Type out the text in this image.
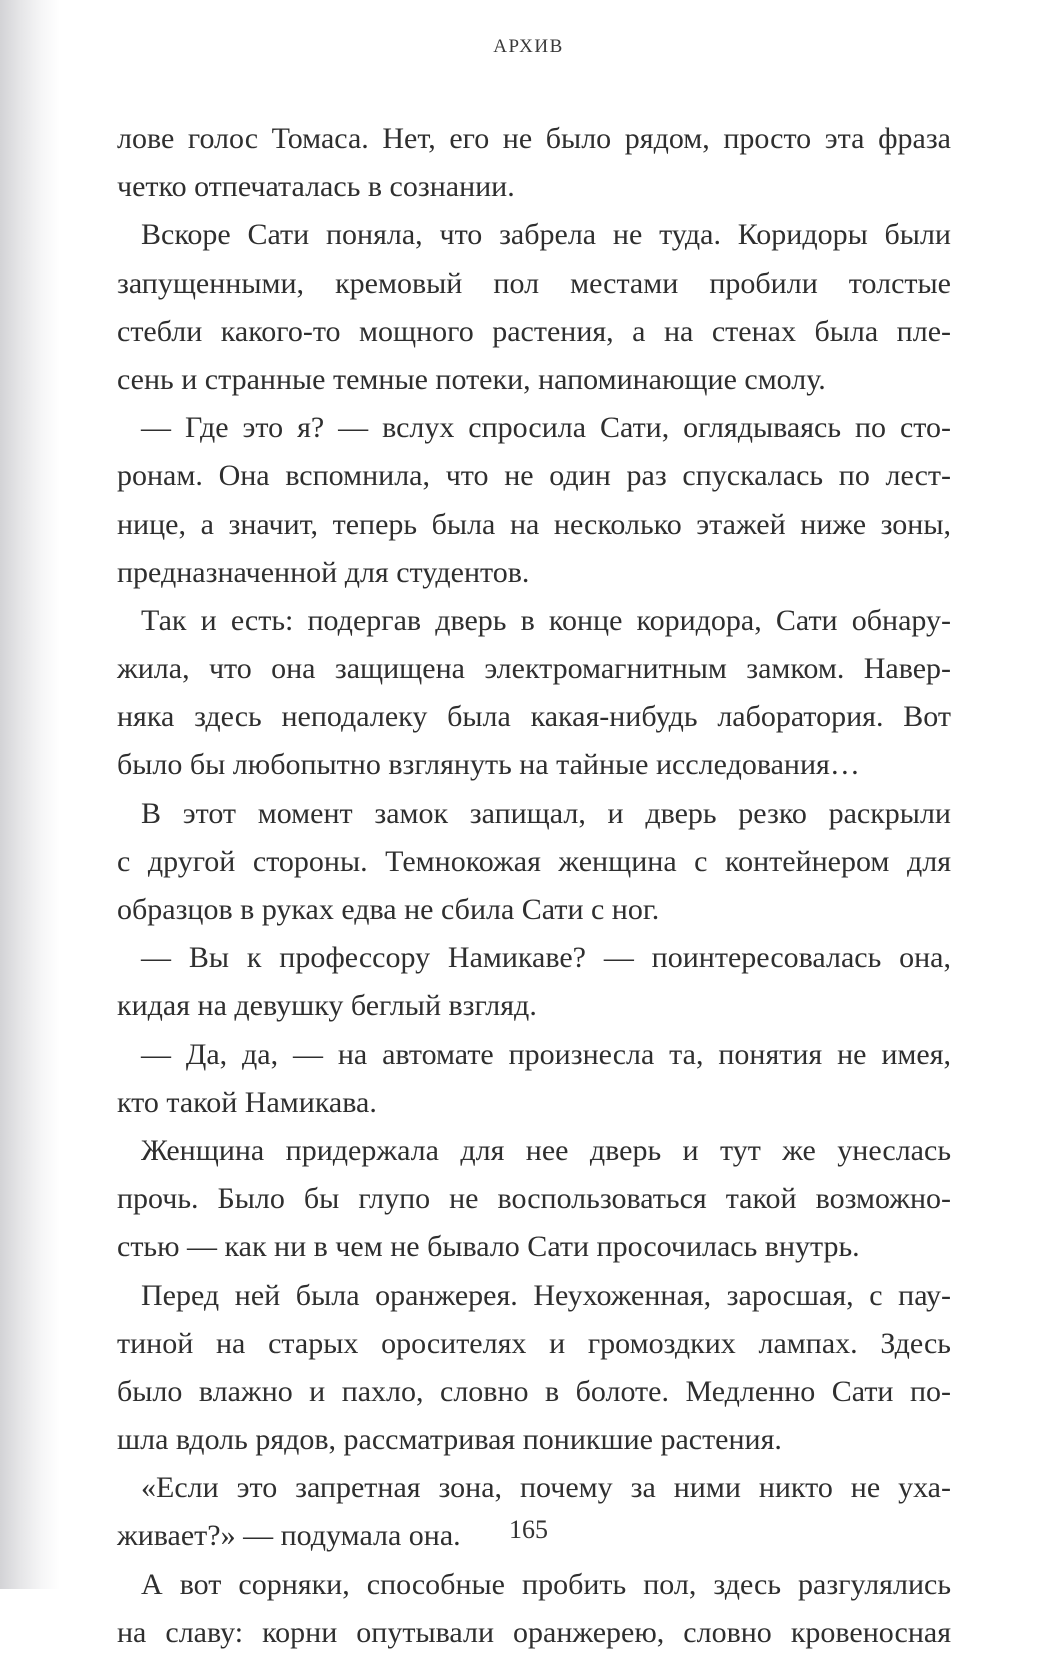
АРХИВ
лове голос Томаса. Нет, его не было рядом, просто эта фраза
четко отпечаталась в сознании.
Вскоре Сати поняла, что забрела не туда. Коридоры были
запущенными, кремовый пол местами пробили толстые
стебли какого-то мощного растения, а на стенах была пле-
сень и странные темные потеки, напоминающие смолу.
— Где это я? — вслух спросила Сати, оглядываясь по сто-
ронам. Она вспомнила, что не один раз спускалась по лест-
нице, а значит, теперь была на несколько этажей ниже зоны,
предназначенной для студентов.
Так и есть: подергав дверь в конце коридора, Сати обнару-
жила, что она защищена электромагнитным замком. Навер-
няка здесь неподалеку была какая-нибудь лаборатория. Вот
было бы любопытно взглянуть на тайные исследования…
В этот момент замок запищал, и дверь резко раскрыли
с другой стороны. Темнокожая женщина с контейнером для
образцов в руках едва не сбила Сати с ног.
— Вы к профессору Намикаве? — поинтересовалась она,
кидая на девушку беглый взгляд.
— Да, да, — на автомате произнесла та, понятия не имея,
кто такой Намикава.
Женщина придержала для нее дверь и тут же унеслась
прочь. Было бы глупо не воспользоваться такой возможно-
стью — как ни в чем не бывало Сати просочилась внутрь.
Перед ней была оранжерея. Неухоженная, заросшая, с пау-
тиной на старых оросителях и громоздких лампах. Здесь
было влажно и пахло, словно в болоте. Медленно Сати по-
шла вдоль рядов, рассматривая поникшие растения.
«Если это запретная зона, почему за ними никто не уха-
живает?» — подумала она.
А вот сорняки, способные пробить пол, здесь разгулялись
на славу: корни опутывали оранжерею, словно кровеносная
165
